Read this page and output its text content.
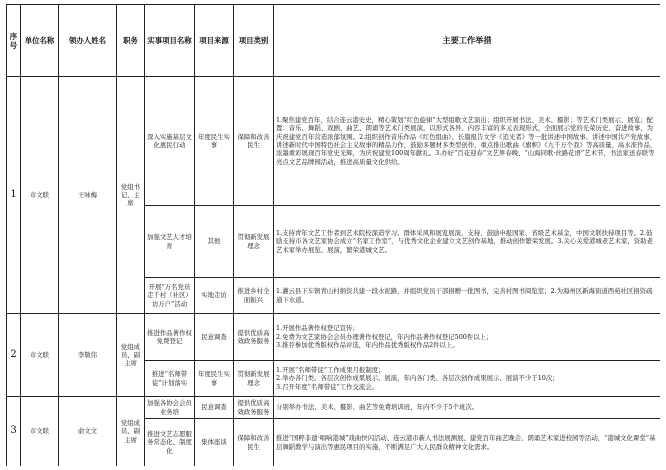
序号	单位名称	领办人姓名	职务	实事项目名称	项目来源	项目类别	主要工作举措
1	市文联	王咏梅	党组书记、主席	深入实施基层文化惠民行动	年度民生实事	保障和改善民生	1.聚焦建党百年，结合连云港史史，精心策划“红色旋律”大型组歌文艺演出；组织开展书法、美术、摄影；等艺术门类展示、展览；配置：音乐、舞蹈、戏剧、曲艺、朗诵等艺术门类展演，以形式各异、内容丰富的多元表现形式，全面展示党的光荣历史、奋进故事，为庆祝建党百年营造浓郁氛围。2.组织创作音乐作品《红色组曲》、长篇报告文学《追光者》等一批讲述中国故事、讲述中国共产党故事、讲述新时代中国特色社会主义故事的精品力作，鼓励多题材多类型创作，重点推出歌曲《旗帜》《九千万个我》等高质量、高水准作品，浓墨重彩展现百年党史光辉，为庆祝建党100周年献礼。3.办好“百花迎春”文艺界春晚、“山海同歌·丝路花语”艺术节，书法家送春联等亮点文艺品牌园活动，推进高质量文化供给。
				加强文艺人才培育	其他	贯彻新发展理念	1.支持青年文艺工作者到艺术院校深造学习、群体采风和展览展演，支持、鼓励申报国家、省级艺术基金，中国文联扶持项目等。2.鼓励支持市各文艺家协会成立“名家工作室”，与优秀文化企业建立文艺创作基地，推动创作繁荣发展。3.关心关爱港城老艺术家，资助老艺术家举办展览、展演，繁荣港城文艺。
				开展“万名党员走千村（社区）访万户”活动	实地走访	推进乡村全面振兴	1.灌云县下车镇青山村捐资共建一段水泥路，并组织党员干部捐赠一批图书，完善村图书阅览室；2.为海州区新海街道西苑社区捐资疏通下水道。
2	市文联	李敬伟	党组成员、副主席	推进作品著作权免费登记	民意调查	提供优质高效政务服务	1.开展作品著作权登记宣传；
2.免费为文艺家协会会员办理著作权登记，年内作品著作权登记500件以上；
3.推荐参加优秀版权作品评选，年内作品优秀版权作品2件以上。
				推进“名师带徒”计划落实	年度民生实事	贯彻新发展理念	1.开展“名师带徒”工作成果月报制度；
2.举办各门类、各层次创作成果展示、展演，年内各门类、各层次创作成果展示、展演不少于10次；
3.召开年度“名师带徒”工作交流会。
3	市文联	俞文文	党组成员、副主席	加强各协会会员业务培	民意调查	提供优质高效政务服务	分别举办书法、美术、摄影、曲艺等免费培训班，年内不少于5个班次。
				推进文艺志愿服务常态化、制度化	集体座谈	保障和改善民生	推进“国粹非遗·唱响港城”戏曲快闪活动、连云港市新人书法展测展、建党百年曲艺晚会、朗诵艺术家进校园等活动，“港城文化课堂”基层舞蹈教学与演出等惠民项目的实施，不断满足广大人民群众精神文化需求。
